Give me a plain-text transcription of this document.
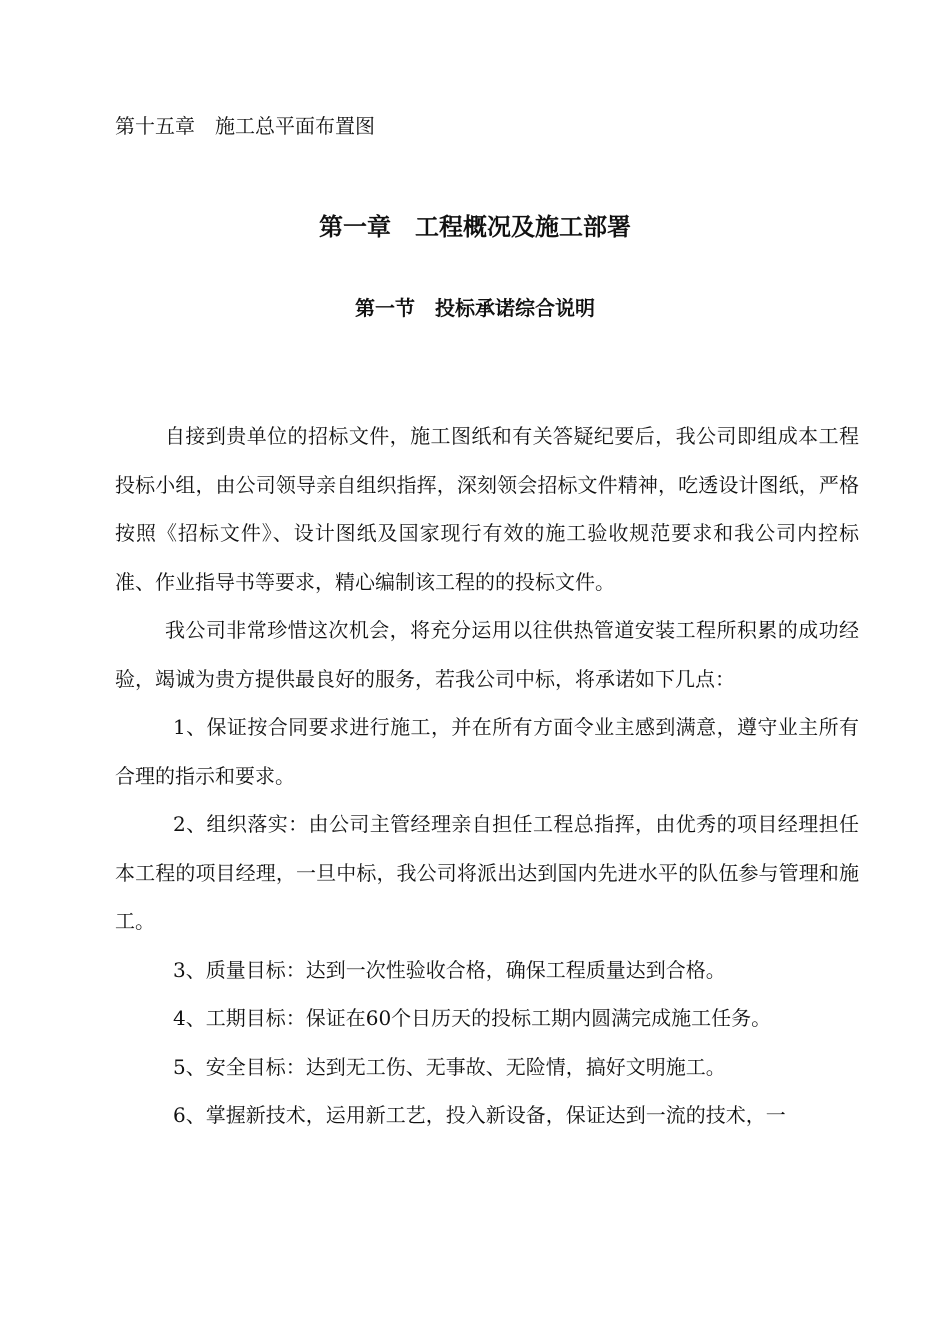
第十五章　施工总平面布置图
第一章　工程概况及施工部署
第一节　投标承诺综合说明

自接到贵单位的招标文件，施工图纸和有关答疑纪要后，我公司即组成本工程投标小组，由公司领导亲自组织指挥，深刻领会招标文件精神，吃透设计图纸，严格按照《招标文件》、设计图纸及国家现行有效的施工验收规范要求和我公司内控标准、作业指导书等要求，精心编制该工程的的投标文件。

我公司非常珍惜这次机会，将充分运用以往供热管道安装工程所积累的成功经验，竭诚为贵方提供最良好的服务，若我公司中标，将承诺如下几点：

1、保证按合同要求进行施工，并在所有方面令业主感到满意，遵守业主所有合理的指示和要求。

2、组织落实：由公司主管经理亲自担任工程总指挥，由优秀的项目经理担任本工程的项目经理，一旦中标，我公司将派出达到国内先进水平的队伍参与管理和施工。

3、质量目标：达到一次性验收合格，确保工程质量达到合格。

4、工期目标：保证在60个日历天的投标工期内圆满完成施工任务。

5、安全目标：达到无工伤、无事故、无险情，搞好文明施工。

6、掌握新技术，运用新工艺，投入新设备，保证达到一流的技术，一
